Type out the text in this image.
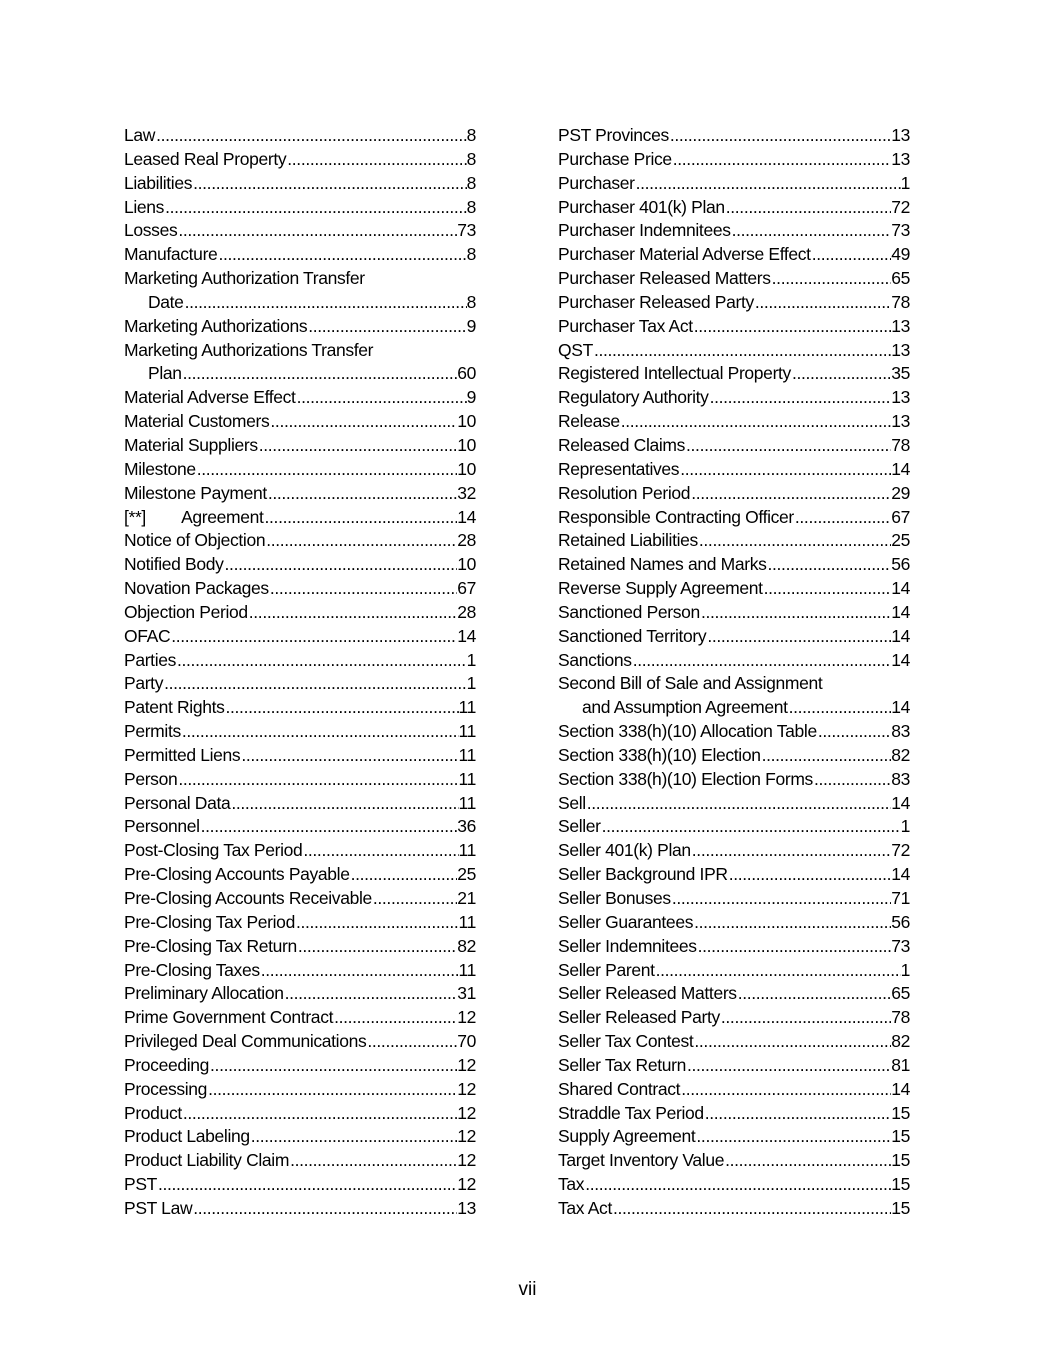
Law .....	8
Leased Real Property .....	8
Liabilities .....	8
Liens .....	8
Losses .....	73
Manufacture .....	8
Marketing Authorization Transfer
Date .....	8
Marketing Authorizations .....	9
Marketing Authorizations Transfer
Plan .....	60
Material Adverse Effect .....	9
Material Customers .....	10
Material Suppliers .....	10
Milestone .....	10
Milestone Payment .....	32
[**]        Agreement .....	14
Notice of Objection .....	28
Notified Body .....	10
Novation Packages .....	67
Objection Period .....	28
OFAC .....	14
Parties .....	1
Party .....	1
Patent Rights .....	11
Permits .....	11
Permitted Liens .....	11
Person .....	11
Personal Data .....	11
Personnel .....	36
Post-Closing Tax Period .....	11
Pre-Closing Accounts Payable .....	25
Pre-Closing Accounts Receivable .....	21
Pre-Closing Tax Period .....	11
Pre-Closing Tax Return .....	82
Pre-Closing Taxes .....	11
Preliminary Allocation .....	31
Prime Government Contract .....	12
Privileged Deal Communications .....	70
Proceeding .....	12
Processing .....	12
Product .....	12
Product Labeling .....	12
Product Liability Claim .....	12
PST .....	12
PST Law .....	13
PST Provinces .....	13
Purchase Price .....	13
Purchaser .....	1
Purchaser 401(k) Plan .....	72
Purchaser Indemnitees .....	73
Purchaser Material Adverse Effect .....	49
Purchaser Released Matters .....	65
Purchaser Released Party .....	78
Purchaser Tax Act .....	13
QST .....	13
Registered Intellectual Property .....	35
Regulatory Authority .....	13
Release .....	13
Released Claims .....	78
Representatives .....	14
Resolution Period .....	29
Responsible Contracting Officer .....	67
Retained Liabilities .....	25
Retained Names and Marks .....	56
Reverse Supply Agreement .....	14
Sanctioned Person .....	14
Sanctioned Territory .....	14
Sanctions .....	14
Second Bill of Sale and Assignment
and Assumption Agreement .....	14
Section 338(h)(10) Allocation Table .....	83
Section 338(h)(10) Election .....	82
Section 338(h)(10) Election Forms .....	83
Sell .....	14
Seller .....	1
Seller 401(k) Plan .....	72
Seller Background IPR .....	14
Seller Bonuses .....	71
Seller Guarantees .....	56
Seller Indemnitees .....	73
Seller Parent .....	1
Seller Released Matters .....	65
Seller Released Party .....	78
Seller Tax Contest .....	82
Seller Tax Return .....	81
Shared Contract .....	14
Straddle Tax Period .....	15
Supply Agreement .....	15
Target Inventory Value .....	15
Tax .....	15
Tax Act .....	15
vii
